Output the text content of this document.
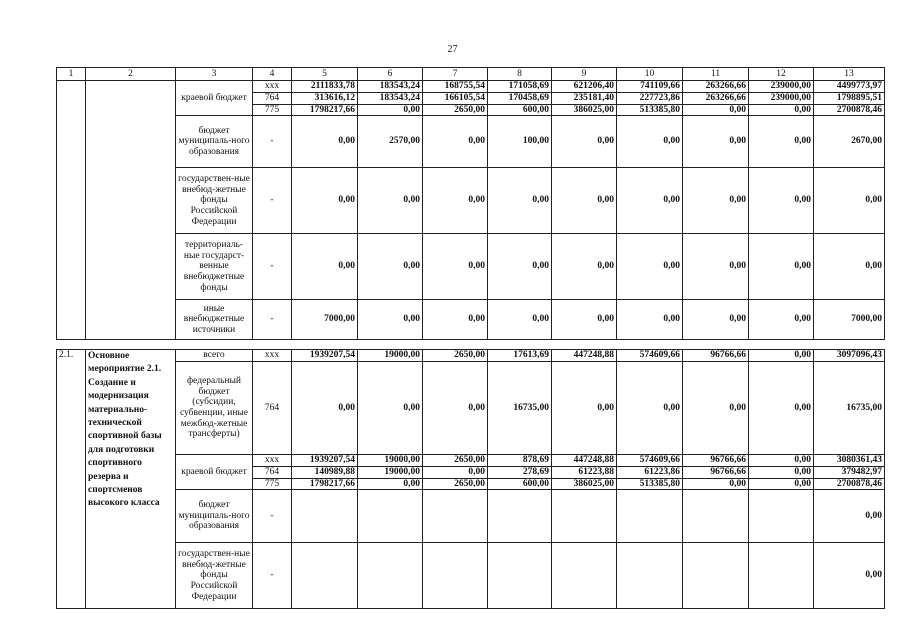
27
1	2	3	4	5	6	7	8	9	10	11	12	13
			ххх	2111833,78	183543,24	168755,54	171058,69	621206,40	741109,66	263266,66	239000,00	4499773,97
		краевой бюджет	764	313616,12	183543,24	166105,54	170458,69	235181,40	227723,86	263266,66	239000,00	1798895,51
			775	1798217,66	0,00	2650,00	600,00	386025,00	513385,80	0,00	0,00	2700878,46
		бюджет муниципаль-ного образования	-	0,00	2570,00	0,00	100,00	0,00	0,00	0,00	0,00	2670,00
		государствен-ные внебюд-жетные фонды Российской Федерации	-	0,00	0,00	0,00	0,00	0,00	0,00	0,00	0,00	0,00
		территориаль-ные государст-венные внебюджетные фонды	-	0,00	0,00	0,00	0,00	0,00	0,00	0,00	0,00	0,00
		иные внебюджетные источники	-	7000,00	0,00	0,00	0,00	0,00	0,00	0,00	0,00	7000,00
2.1.	Основное мероприятие 2.1. Создание и модернизация материально-технической спортивной базы для подготовки спортивного резерва и спортсменов высокого класса	всего	ххх	1939207,54	19000,00	2650,00	17613,69	447248,88	574609,66	96766,66	0,00	3097096,43
		федеральный бюджет (субсидии, субвенции, иные межбюд-жетные трансферты)	764	0,00	0,00	0,00	16735,00	0,00	0,00	0,00	0,00	16735,00
			ххх	1939207,54	19000,00	2650,00	878,69	447248,88	574609,66	96766,66	0,00	3080361,43
		краевой бюджет	764	140989,88	19000,00	0,00	278,69	61223,88	61223,86	96766,66	0,00	379482,97
			775	1798217,66	0,00	2650,00	600,00	386025,00	513385,80	0,00	0,00	2700878,46
		бюджет муниципаль-ного образования	-									0,00
		государствен-ные внебюд-жетные фонды Российской Федерации	-									0,00
